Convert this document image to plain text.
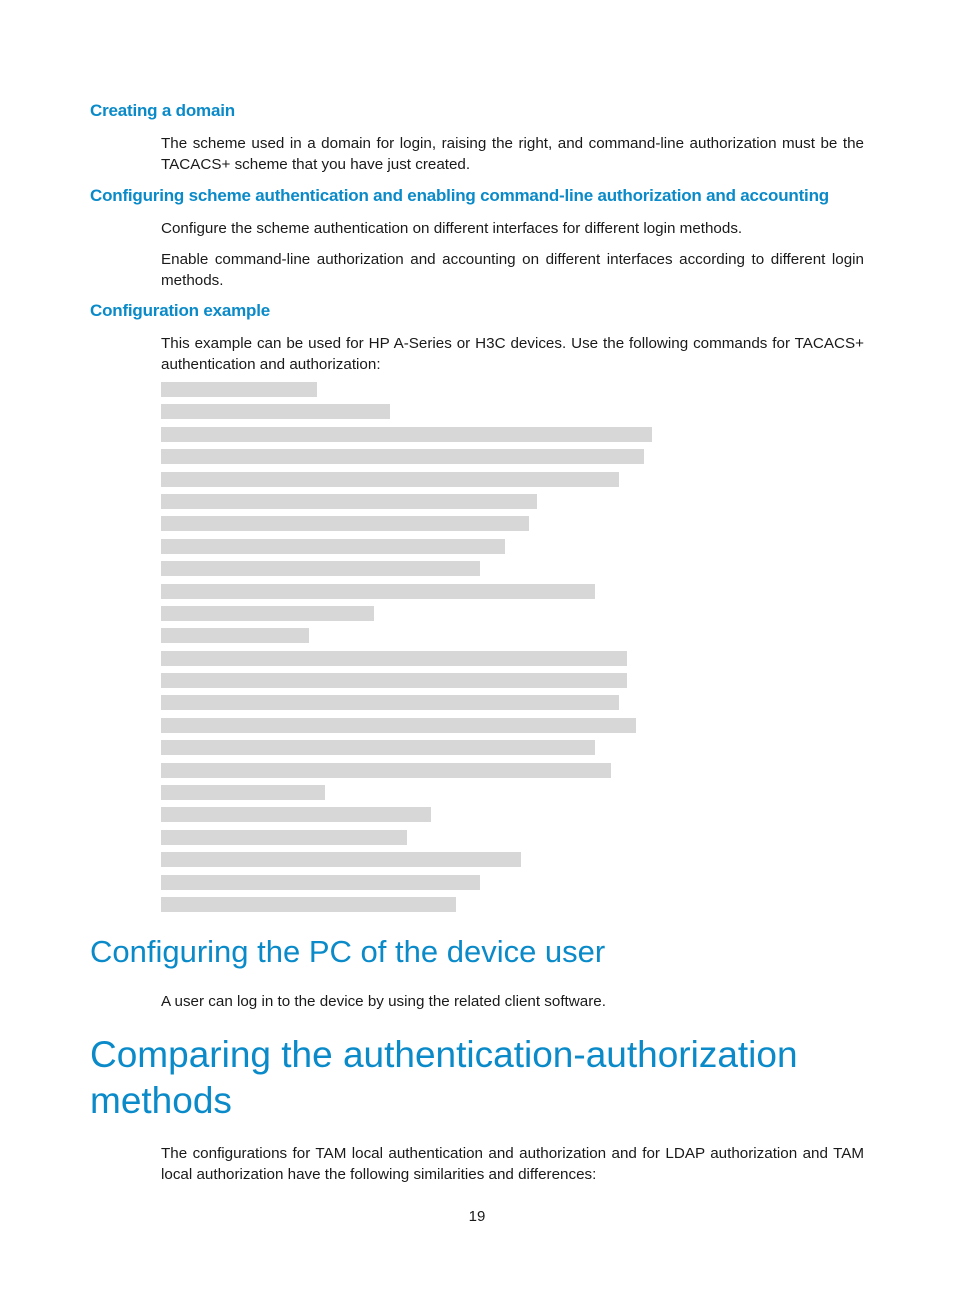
Creating a domain

The scheme used in a domain for login, raising the right, and command-line authorization must be the TACACS+ scheme that you have just created.

Configuring scheme authentication and enabling command-line authorization and accounting

Configure the scheme authentication on different interfaces for different login methods.

Enable command-line authorization and accounting on different interfaces according to different login methods.

Configuration example

This example can be used for HP A-Series or H3C devices. Use the following commands for TACACS+ authentication and authorization:

Configuring the PC of the device user

A user can log in to the device by using the related client software.

Comparing the authentication-authorization methods

The configurations for TAM local authentication and authorization and for LDAP authorization and TAM local authorization have the following similarities and differences:

19
